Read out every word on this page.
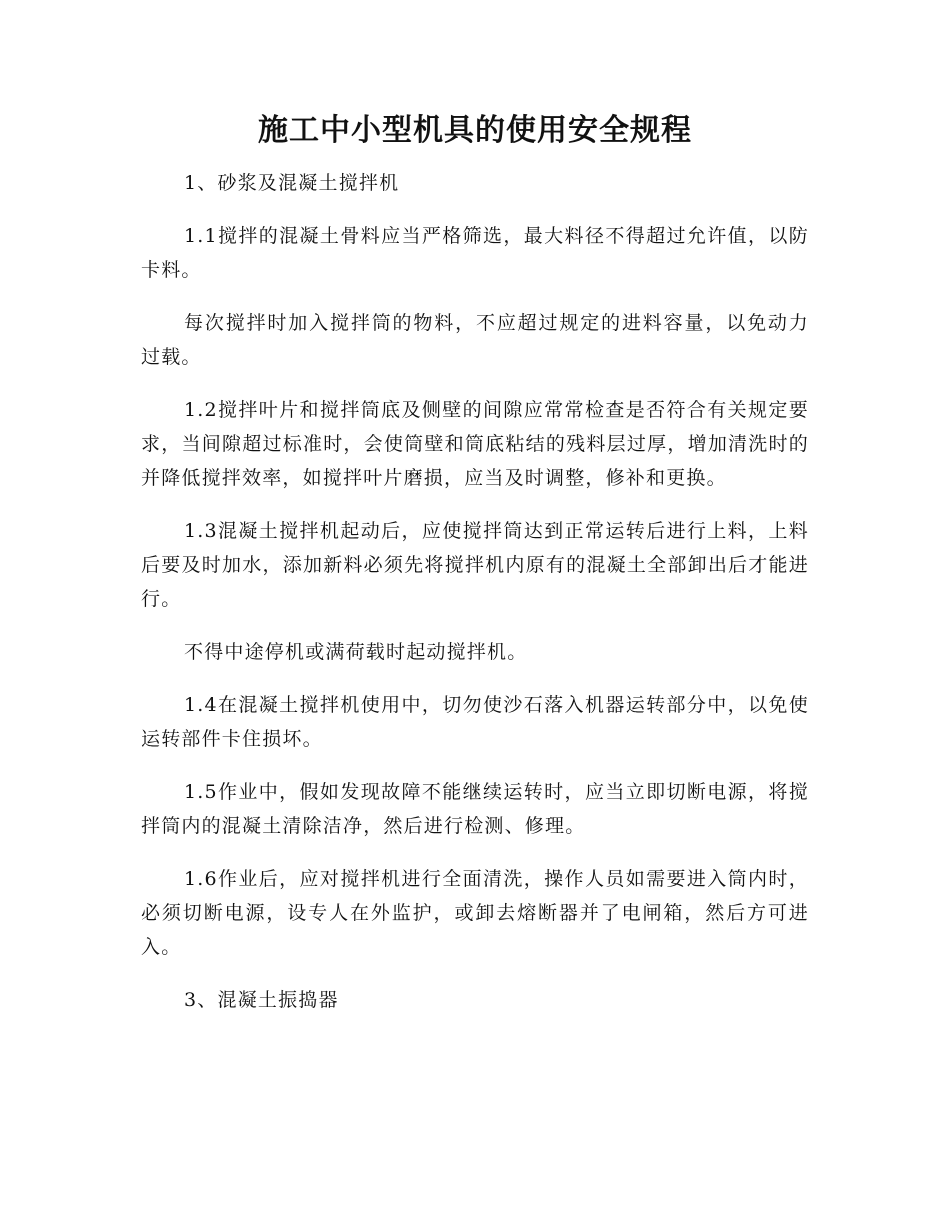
施工中小型机具的使用安全规程

1、砂浆及混凝土搅拌机

1.1搅拌的混凝土骨料应当严格筛选，最大料径不得超过允许值，以防卡料。

每次搅拌时加入搅拌筒的物料，不应超过规定的进料容量，以免动力过载。

1.2搅拌叶片和搅拌筒底及侧壁的间隙应常常检查是否符合有关规定要求，当间隙超过标准时，会使筒壁和筒底粘结的残料层过厚，增加清洗时的并降低搅拌效率，如搅拌叶片磨损，应当及时调整，修补和更换。

1.3混凝土搅拌机起动后，应使搅拌筒达到正常运转后进行上料，上料后要及时加水，添加新料必须先将搅拌机内原有的混凝土全部卸出后才能进行。

不得中途停机或满荷载时起动搅拌机。

1.4在混凝土搅拌机使用中，切勿使沙石落入机器运转部分中，以免使运转部件卡住损坏。

1.5作业中，假如发现故障不能继续运转时，应当立即切断电源，将搅拌筒内的混凝土清除洁净，然后进行检测、修理。

1.6作业后，应对搅拌机进行全面清洗，操作人员如需要进入筒内时，必须切断电源，设专人在外监护，或卸去熔断器并了电闸箱，然后方可进入。

3、混凝土振捣器
